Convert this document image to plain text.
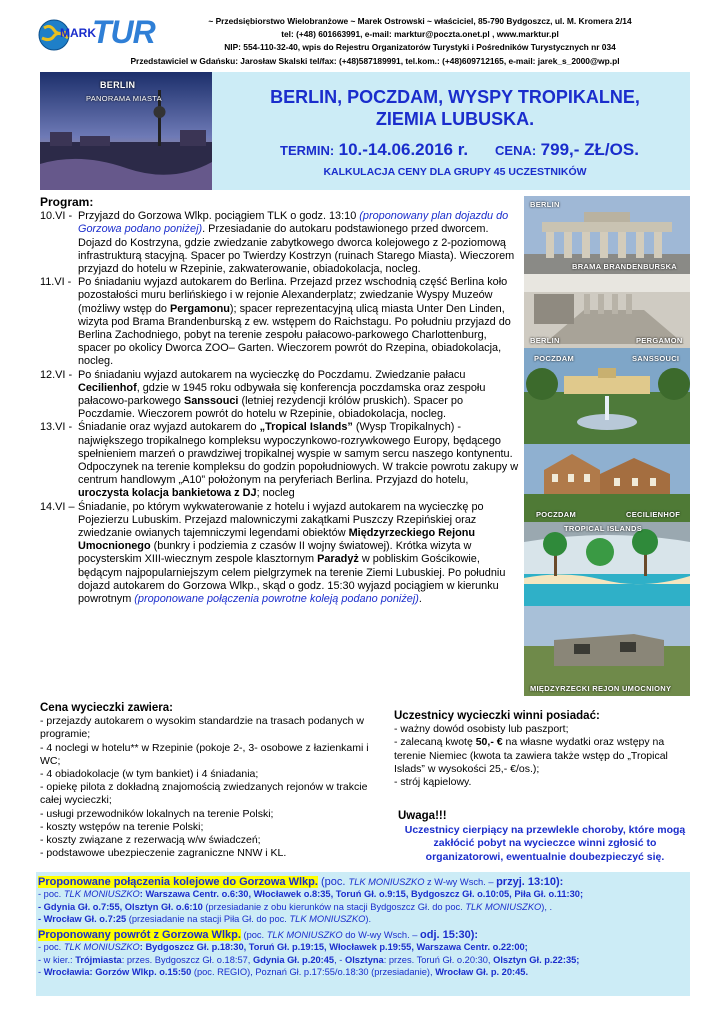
MARK
TUR	~ Przedsiębiorstwo Wielobranżowe ~ Marek Ostrowski ~ właściciel, 85-790 Bydgoszcz, ul. M. Kromera 2/14
tel: (+48) 601663991, e-mail: marktur@poczta.onet.pl , www.marktur.pl
NIP: 554-110-32-40, wpis do Rejestru Organizatorów Turystyki i Pośredników Turystycznych nr 034
Przedstawiciel w Gdańsku: Jarosław Skalski tel/fax: (+48)587189991, tel.kom.: (+48)609712165, e-mail: jarek_s_2000@wp.pl
BERLIN
PANORAMA MIASTA	BERLIN, POCZDAM, WYSPY TROPIKALNE,
ZIEMIA LUBUSKA.
TERMIN: 10.-14.06.2016 r. CENA: 799,- ZŁ/OS.
KALKULACJA CENY DLA GRUPY 45 UCZESTNIKÓW
Program:
10.VI - Przyjazd do Gorzowa Wlkp. pociągiem TLK o godz. 13:10 (proponowany plan dojazdu do Gorzowa podano poniżej). Przesiadanie do autokaru podstawionego przed dworcem. Dojazd do Kostrzyna, gdzie zwiedzanie zabytkowego dworca kolejowego z 2-poziomową infrastrukturą stacyjną. Spacer po Twierdzy Kostrzyn (ruinach Starego Miasta). Wieczorem przyjazd do hotelu w Rzepinie, zakwaterowanie, obiadokolacja, nocleg.
11.VI - Po śniadaniu wyjazd autokarem do Berlina. Przejazd przez wschodnią część Berlina koło pozostałości muru berlińskiego i w rejonie Alexanderplatz; zwiedzanie Wyspy Muzeów (możliwy wstęp do Pergamonu); spacer reprezentacyjną ulicą miasta Unter Den Linden, wizyta pod Brama Brandenburską z ew. wstępem do Raichstagu. Po południu przyjazd do Berlina Zachodniego, pobyt na terenie zespołu pałacowo-parkowego Charlottenburg, spacer po okolicy Dworca ZOO– Garten. Wieczorem powrót do Rzepina, obiadokolacja, nocleg.
12.VI - Po śniadaniu wyjazd autokarem na wycieczkę do Poczdamu. Zwiedzanie pałacu Cecilienhof, gdzie w 1945 roku odbywała się konferencja poczdamska oraz zespołu pałacowo-parkowego Sanssouci (letniej rezydencji królów pruskich). Spacer po Poczdamie. Wieczorem powrót do hotelu w Rzepinie, obiadokolacja, nocleg.
13.VI - Śniadanie oraz wyjazd autokarem do „Tropical Islands” (Wysp Tropikalnych) - największego tropikalnego kompleksu wypoczynkowo-rozrywkowego Europy, będącego spełnieniem marzeń o prawdziwej tropikalnej wyspie w samym sercu naszego kontynentu. Odpoczynek na terenie kompleksu do godzin popołudniowych. W trakcie powrotu zakupy w centrum handlowym „A10” położonym na peryferiach Berlina. Przyjazd do hotelu, uroczysta kolacja bankietowa z DJ; nocleg
14.VI – Śniadanie, po którym wykwaterowanie z hotelu i wyjazd autokarem na wycieczkę po Pojezierzu Lubuskim. Przejazd malowniczymi zakątkami Puszczy Rzepińskiej oraz zwiedzanie owianych tajemniczymi legendami obiektów Międzyrzeckiego Rejonu Umocnionego (bunkry i podziemia z czasów II wojny światowej). Krótka wizyta w pocysterskim XIII-wiecznym zespole klasztornym Paradyż w pobliskim Gościkowie, będącym najpopularniejszym celem pielgrzymek na terenie Ziemi Lubuskiej. Po południu dojazd autokarem do Gorzowa Wlkp., skąd o godz. 15:30 wyjazd pociągiem w kierunku powrotnym (proponowane połączenia powrotne koleją podano poniżej).
BERLIN
BRAMA BRANDENBURSKA
BERLIN	PERGAMON
POCZDAM	SANSSOUCI
POCZDAM	CECILIENHOF
TROPICAL ISLANDS
MIĘDZYRZECKI REJON UMOCNIONY
Cena wycieczki zawiera:
- przejazdy autokarem o wysokim standardzie na trasach podanych w programie;
- 4 noclegi w hotelu** w Rzepinie (pokoje 2-, 3- osobowe z łazienkami i WC;
- 4 obiadokolacje (w tym bankiet) i 4 śniadania;
- opiekę pilota z dokładną znajomością zwiedzanych rejonów w trakcie całej wycieczki;
- usługi przewodników lokalnych na terenie Polski;
- koszty wstępów na terenie Polski;
- koszty związane z rezerwacją w/w świadczeń;
- podstawowe ubezpieczenie zagraniczne NNW i KL.
Uczestnicy wycieczki winni posiadać:
- ważny dowód osobisty lub paszport;
- zalecaną kwotę 50,- € na własne wydatki oraz wstępy na terenie Niemiec (kwota ta zawiera także wstęp do „Tropical Islads” w wysokości 25,- €/os.);
- strój kąpielowy.
Uwaga!!!
Uczestnicy cierpiący na przewlekle choroby, które mogą zakłócić pobyt na wycieczce winni zgłosić to organizatorowi, ewentualnie doubezpieczyć się.
Proponowane połączenia kolejowe do Gorzowa Wlkp. (poc. TLK MONIUSZKO z W-wy Wsch. – przyj. 13:10):
- poc. TLK MONIUSZKO: Warszawa Centr. o.6:30, Włocławek o.8:35, Toruń Gł. o.9:15, Bydgoszcz Gł. o.10:05, Piła Gł. o.11:30;
- Gdynia Gł. o.7:55, Olsztyn Gł. o.6:10 (przesiadanie z obu kierunków na stacji Bydgoszcz Gł. do poc. TLK MONIUSZKO), .
- Wrocław Gł. o.7:25 (przesiadanie na stacji Piła Gł. do poc. TLK MONIUSZKO).
Proponowany powrót z Gorzowa Wlkp. (poc. TLK MONIUSZKO do W-wy Wsch. – odj. 15:30):
- poc. TLK MONIUSZKO: Bydgoszcz Gł. p.18:30, Toruń Gł. p.19:15, Włocławek p.19:55, Warszawa Centr. o.22:00;
- w kier.: Trójmiasta: przes. Bydgoszcz Gł. o.18:57, Gdynia Gł. p.20:45, - Olsztyna: przes. Toruń Gł. o.20:30, Olsztyn Gł. p.22:35;
- Wrocławia: Gorzów Wlkp. o.15:50 (poc. REGIO), Poznań Gł. p.17:55/o.18:30 (przesiadanie), Wrocław Gł. p. 20:45.
